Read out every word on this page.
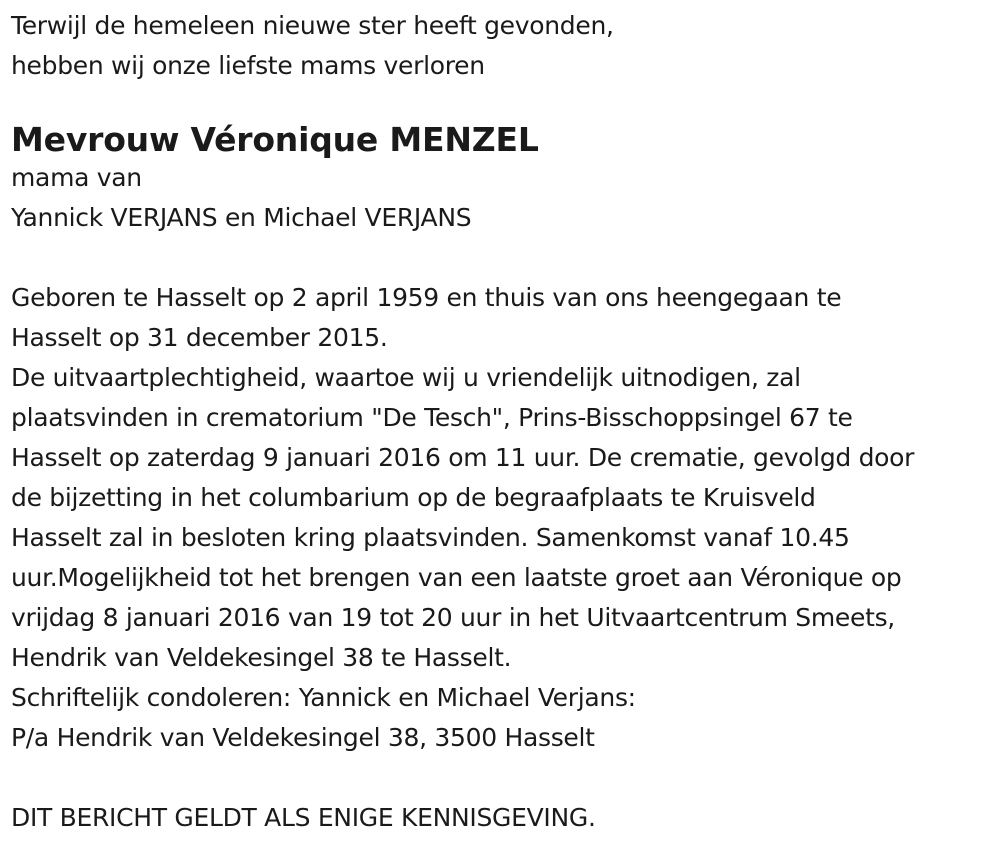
Terwijl de hemeleen nieuwe ster heeft gevonden,
hebben wij onze liefste mams verloren
Mevrouw Véronique MENZEL
mama van
Yannick VERJANS en Michael VERJANS
Geboren te Hasselt op 2 april 1959 en thuis van ons heengegaan te
Hasselt op 31 december 2015.
De uitvaartplechtigheid, waartoe wij u vriendelijk uitnodigen, zal
plaatsvinden in crematorium "De Tesch", Prins-Bisschoppsingel 67 te
Hasselt op zaterdag 9 januari 2016 om 11 uur. De crematie, gevolgd door
de bijzetting in het columbarium op de begraafplaats te Kruisveld
Hasselt zal in besloten kring plaatsvinden. Samenkomst vanaf 10.45
uur.Mogelijkheid tot het brengen van een laatste groet aan Véronique op
vrijdag 8 januari 2016 van 19 tot 20 uur in het Uitvaartcentrum Smeets,
Hendrik van Veldekesingel 38 te Hasselt.
Schriftelijk condoleren: Yannick en Michael Verjans:
P/a Hendrik van Veldekesingel 38, 3500 Hasselt
DIT BERICHT GELDT ALS ENIGE KENNISGEVING.
